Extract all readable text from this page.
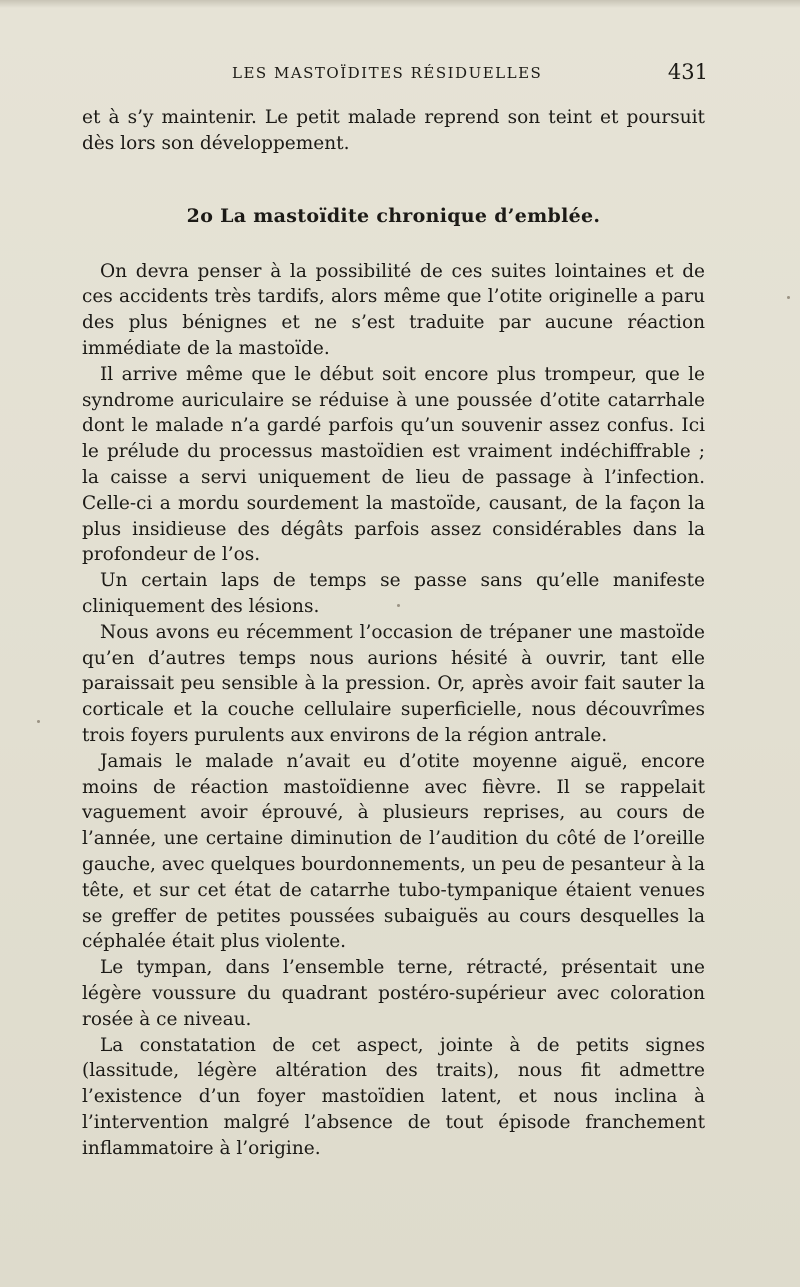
LES MASTOÏDITES RÉSIDUELLES	431

et à s’y maintenir. Le petit malade reprend son teint et poursuit dès lors son développement.

2o La mastoïdite chronique d’emblée.

On devra penser à la possibilité de ces suites lointaines et de ces accidents très tardifs, alors même que l’otite originelle a paru des plus bénignes et ne s’est traduite par aucune réaction immédiate de la mastoïde.

Il arrive même que le début soit encore plus trompeur, que le syndrome auriculaire se réduise à une poussée d’otite catarrhale dont le malade n’a gardé parfois qu’un souvenir assez confus. Ici le prélude du processus mastoïdien est vraiment indéchiffrable ; la caisse a servi uniquement de lieu de passage à l’infection. Celle-ci a mordu sourdement la mastoïde, causant, de la façon la plus insidieuse des dégâts parfois assez considérables dans la profondeur de l’os.

Un certain laps de temps se passe sans qu’elle manifeste cliniquement des lésions.

Nous avons eu récemment l’occasion de trépaner une mastoïde qu’en d’autres temps nous aurions hésité à ouvrir, tant elle paraissait peu sensible à la pression. Or, après avoir fait sauter la corticale et la couche cellulaire superficielle, nous découvrîmes trois foyers purulents aux environs de la région antrale.

Jamais le malade n’avait eu d’otite moyenne aiguë, encore moins de réaction mastoïdienne avec fièvre. Il se rappelait vaguement avoir éprouvé, à plusieurs reprises, au cours de l’année, une certaine diminution de l’audition du côté de l’oreille gauche, avec quelques bourdonnements, un peu de pesanteur à la tête, et sur cet état de catarrhe tubo-tympanique étaient venues se greffer de petites poussées subaiguës au cours desquelles la céphalée était plus violente.

Le tympan, dans l’ensemble terne, rétracté, présentait une légère voussure du quadrant postéro-supérieur avec coloration rosée à ce niveau.

La constatation de cet aspect, jointe à de petits signes (lassitude, légère altération des traits), nous fit admettre l’existence d’un foyer mastoïdien latent, et nous inclina à l’intervention malgré l’absence de tout épisode franchement inflammatoire à l’origine.
